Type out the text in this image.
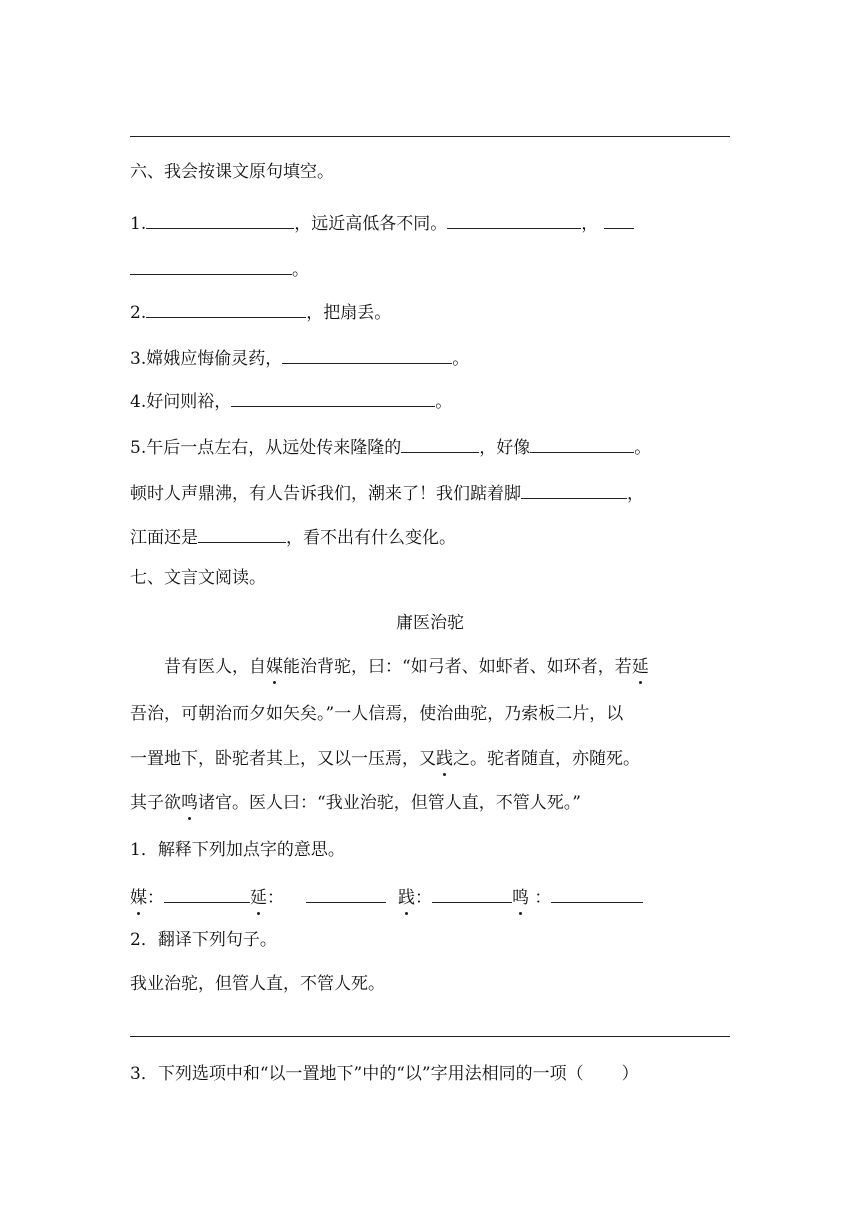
六、我会按课文原句填空。
1.	，远近高低各不同。	，
。
2.	，把扇丢。
3.嫦娥应悔偷灵药，	。
4.好问则裕，	。
5.午后一点左右，从远处传来隆隆的	，好像	。
顿时人声鼎沸，有人告诉我们，潮来了！我们踮着脚	，
江面还是	，看不出有什么变化。
七、文言文阅读。
庸医治驼
昔有医人，自媒能治背驼，曰：“如弓者、如虾者、如环者，若延
吾治，可朝治而夕如矢矣。”一人信焉，使治曲驼，乃索板二片，以
一置地下，卧驼者其上，又以一压焉，又践之。驼者随直，亦随死。
其子欲鸣诸官。医人曰：“我业治驼，但管人直，不管人死。”
1．解释下列加点字的意思。
媒：	延：	践：	鸣 ：
2．翻译下列句子。
我业治驼，但管人直，不管人死。
3．下列选项中和“以一置地下”中的“以”字用法相同的一项（ ）
